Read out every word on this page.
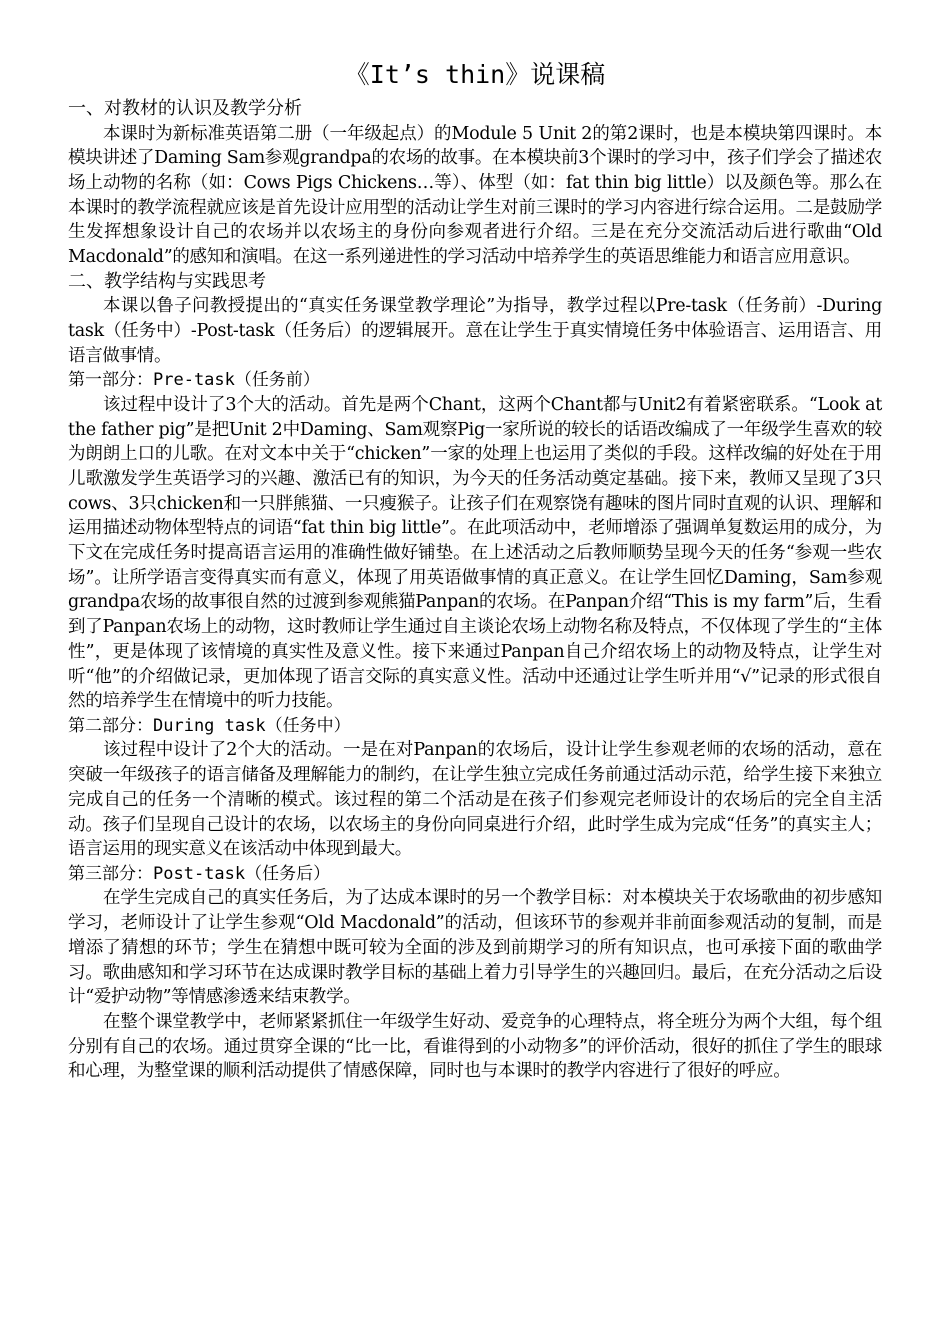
《It’s thin》说课稿
一、对教材的认识及教学分析

本课时为新标准英语第二册（一年级起点）的Module 5 Unit 2的第2课时，也是本模块第四课时。本模块讲述了Daming Sam参观grandpa的农场的故事。在本模块前3个课时的学习中，孩子们学会了描述农场上动物的名称（如：Cows Pigs Chickens…等）、体型（如：fat thin big little）以及颜色等。那么在本课时的教学流程就应该是首先设计应用型的活动让学生对前三课时的学习内容进行综合运用。二是鼓励学生发挥想象设计自己的农场并以农场主的身份向参观者进行介绍。三是在充分交流活动后进行歌曲“Old Macdonald”的感知和演唱。在这一系列递进性的学习活动中培养学生的英语思维能力和语言应用意识。

二、教学结构与实践思考

本课以鲁子问教授提出的“真实任务课堂教学理论”为指导，教学过程以Pre-task（任务前）-During task（任务中）-Post-task（任务后）的逻辑展开。意在让学生于真实情境任务中体验语言、运用语言、用语言做事情。

第一部分：Pre-task（任务前）

该过程中设计了3个大的活动。首先是两个Chant，这两个Chant都与Unit2有着紧密联系。“Look at the father pig”是把Unit 2中Daming、Sam观察Pig一家所说的较长的话语改编成了一年级学生喜欢的较为朗朗上口的儿歌。在对文本中关于“chicken”一家的处理上也运用了类似的手段。这样改编的好处在于用儿歌激发学生英语学习的兴趣、激活已有的知识，为今天的任务活动奠定基础。接下来，教师又呈现了3只cows、3只chicken和一只胖熊猫、一只瘦猴子。让孩子们在观察饶有趣味的图片同时直观的认识、理解和运用描述动物体型特点的词语“fat thin big little”。在此项活动中，老师增添了强调单复数运用的成分，为下文在完成任务时提高语言运用的准确性做好铺垫。在上述活动之后教师顺势呈现今天的任务“参观一些农场”。让所学语言变得真实而有意义，体现了用英语做事情的真正意义。在让学生回忆Daming，Sam参观grandpa农场的故事很自然的过渡到参观熊猫Panpan的农场。在Panpan介绍“This is my farm”后，生看到了Panpan农场上的动物，这时教师让学生通过自主谈论农场上动物名称及特点，不仅体现了学生的“主体性”，更是体现了该情境的真实性及意义性。接下来通过Panpan自己介绍农场上的动物及特点，让学生对听“他”的介绍做记录，更加体现了语言交际的真实意义性。活动中还通过让学生听并用“√”记录的形式很自然的培养学生在情境中的听力技能。

第二部分：During task（任务中）

该过程中设计了2个大的活动。一是在对Panpan的农场后，设计让学生参观老师的农场的活动，意在突破一年级孩子的语言储备及理解能力的制约，在让学生独立完成任务前通过活动示范，给学生接下来独立完成自己的任务一个清晰的模式。该过程的第二个活动是在孩子们参观完老师设计的农场后的完全自主活动。孩子们呈现自己设计的农场，以农场主的身份向同桌进行介绍，此时学生成为完成“任务”的真实主人；语言运用的现实意义在该活动中体现到最大。

第三部分：Post-task（任务后）

在学生完成自己的真实任务后，为了达成本课时的另一个教学目标：对本模块关于农场歌曲的初步感知学习，老师设计了让学生参观“Old Macdonald”的活动，但该环节的参观并非前面参观活动的复制，而是增添了猜想的环节；学生在猜想中既可较为全面的涉及到前期学习的所有知识点，也可承接下面的歌曲学习。歌曲感知和学习环节在达成课时教学目标的基础上着力引导学生的兴趣回归。最后，在充分活动之后设计“爱护动物”等情感渗透来结束教学。

在整个课堂教学中，老师紧紧抓住一年级学生好动、爱竞争的心理特点，将全班分为两个大组，每个组分别有自己的农场。通过贯穿全课的“比一比，看谁得到的小动物多”的评价活动，很好的抓住了学生的眼球和心理，为整堂课的顺利活动提供了情感保障，同时也与本课时的教学内容进行了很好的呼应。
